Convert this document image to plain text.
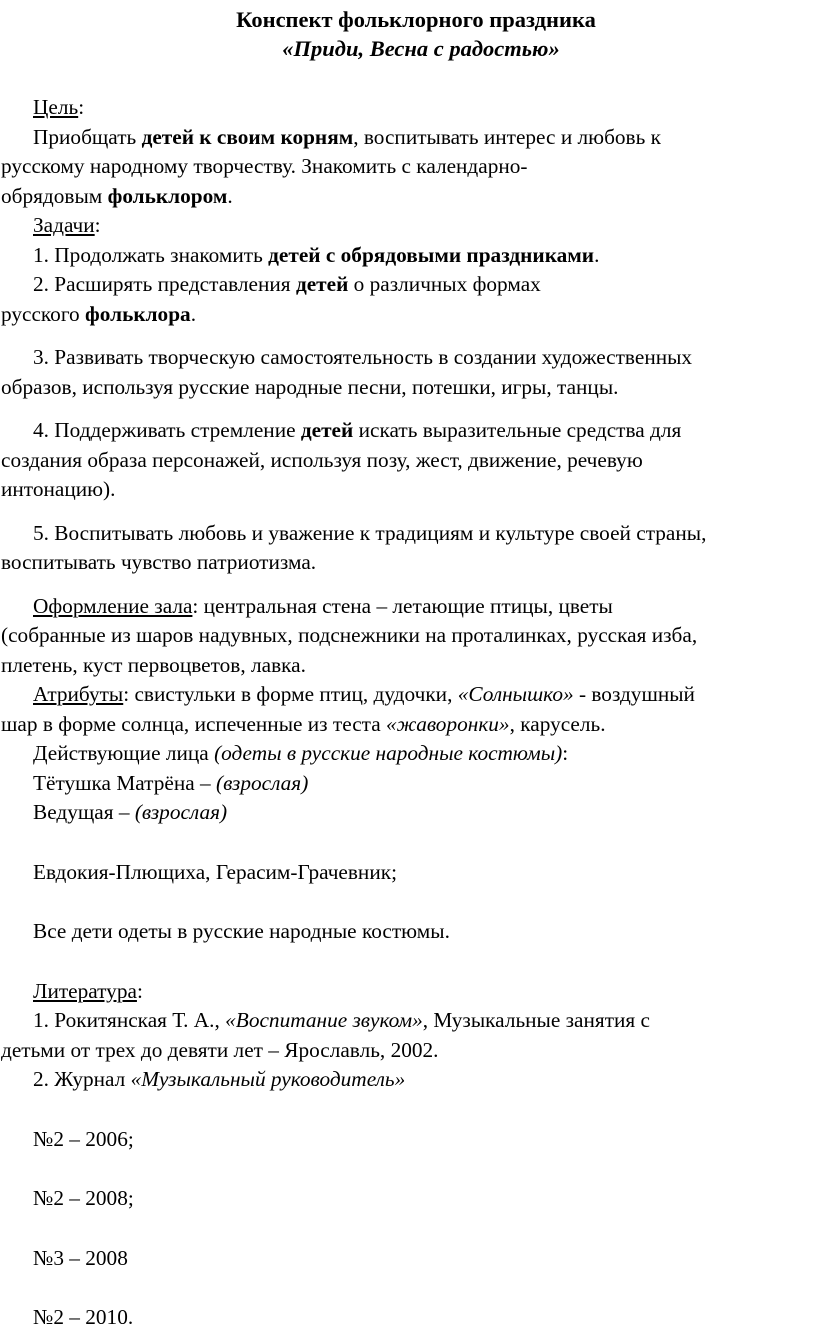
Конспект фольклорного праздника

«Приди, Весна с радостью»

Цель:

Приобщать детей к своим корням, воспитывать интерес и любовь к

русскому народному творчеству. Знакомить с календарно-

обрядовым фольклором.

Задачи:

1. Продолжать знакомить детей с обрядовыми праздниками.

2. Расширять представления детей о различных формах

русского фольклора.

3. Развивать творческую самостоятельность в создании художественных

образов, используя русские народные песни, потешки, игры, танцы.

4. Поддерживать стремление детей искать выразительные средства для

создания образа персонажей, используя позу, жест, движение, речевую

интонацию).

5. Воспитывать любовь и уважение к традициям и культуре своей страны,

воспитывать чувство патриотизма.

Оформление зала: центральная стена – летающие птицы, цветы

(собранные из шаров надувных, подснежники на проталинках, русская изба,

плетень, куст первоцветов, лавка.

Атрибуты: свистульки в форме птиц, дудочки, «Солнышко» - воздушный

шар в форме солнца, испеченные из теста «жаворонки», карусель.

Действующие лица (одеты в русские народные костюмы):

Тётушка Матрёна – (взрослая)

Ведущая – (взрослая)

Евдокия-Плющиха, Герасим-Грачевник;

Все дети одеты в русские народные костюмы.

Литература:

1. Рокитянская Т. А., «Воспитание звуком», Музыкальные занятия с

детьми от трех до девяти лет – Ярославль, 2002.

2. Журнал «Музыкальный руководитель»

№2 – 2006;

№2 – 2008;

№3 – 2008

№2 – 2010.
